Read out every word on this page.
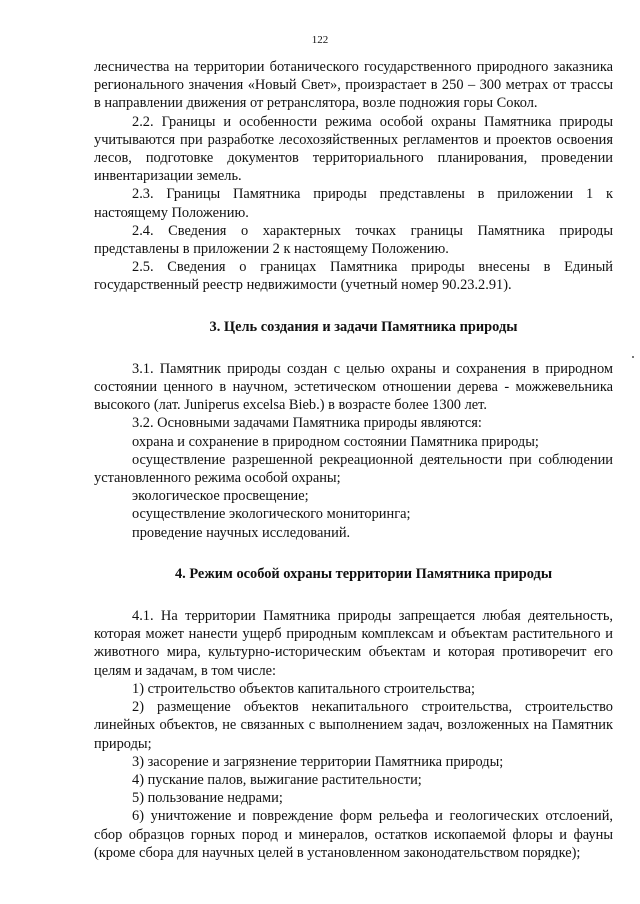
122

лесничества на территории ботанического государственного природного заказника регионального значения «Новый Свет», произрастает в 250 – 300 метрах от трассы в направлении движения от ретранслятора, возле подножия горы Сокол.

2.2. Границы и особенности режима особой охраны Памятника природы учитываются при разработке лесохозяйственных регламентов и проектов освоения лесов, подготовке документов территориального планирования, проведении инвентаризации земель.

2.3. Границы Памятника природы представлены в приложении 1 к настоящему Положению.

2.4. Сведения о характерных точках границы Памятника природы представлены в приложении 2 к настоящему Положению.

2.5. Сведения о границах Памятника природы внесены в Единый государственный реестр недвижимости (учетный номер 90.23.2.91).

3. Цель создания и задачи Памятника природы

3.1. Памятник природы создан с целью охраны и сохранения в природном состоянии ценного в научном, эстетическом отношении дерева - можжевельника высокого (лат. Juniperus excelsa Bieb.) в возрасте более 1300 лет.

3.2. Основными задачами Памятника природы являются:

охрана и сохранение в природном состоянии Памятника природы;

осуществление разрешенной рекреационной деятельности при соблюдении установленного режима особой охраны;

экологическое просвещение;

осуществление экологического мониторинга;

проведение научных исследований.

4. Режим особой охраны территории Памятника природы

4.1. На территории Памятника природы запрещается любая деятельность, которая может нанести ущерб природным комплексам и объектам растительного и животного мира, культурно-историческим объектам и которая противоречит его целям и задачам, в том числе:

1) строительство объектов капитального строительства;

2) размещение объектов некапитального строительства, строительство линейных объектов, не связанных с выполнением задач, возложенных на Памятник природы;

3) засорение и загрязнение территории Памятника природы;

4) пускание палов, выжигание растительности;

5) пользование недрами;

6) уничтожение и повреждение форм рельефа и геологических отслоений, сбор образцов горных пород и минералов, остатков ископаемой флоры и фауны (кроме сбора для научных целей в установленном законодательством порядке);
